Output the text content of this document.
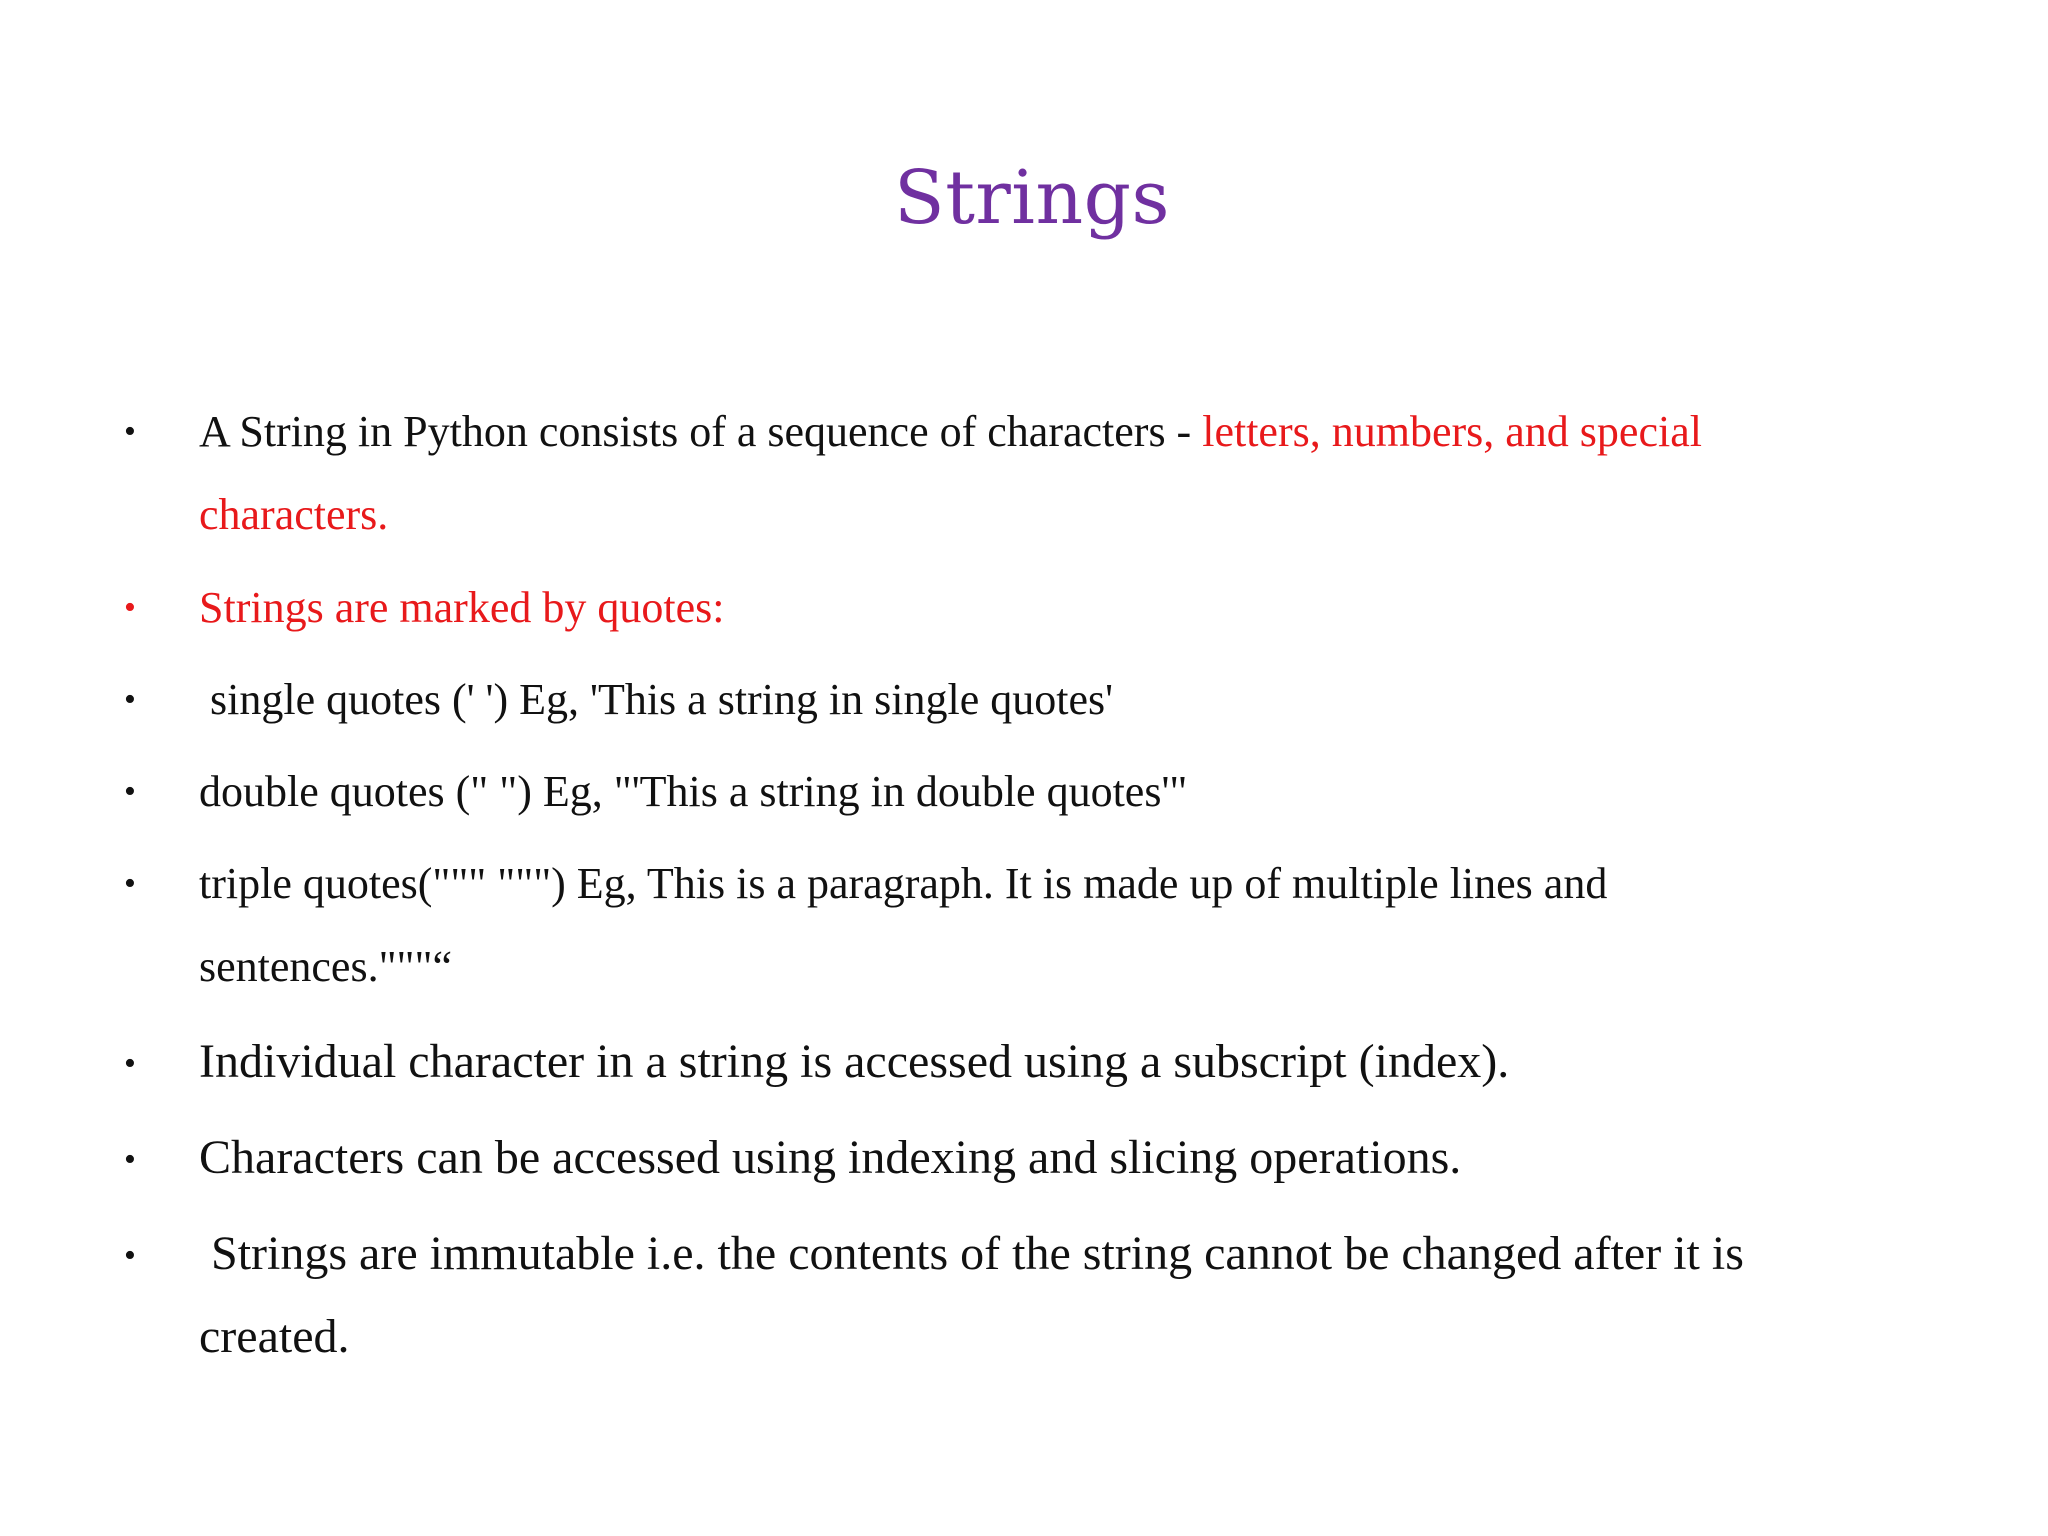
Strings
• A String in Python consists of a sequence of characters - letters, numbers, and special
characters.
• Strings are marked by quotes:
• single quotes (' ') Eg, 'This a string in single quotes'
• double quotes (" ") Eg, "'This a string in double quotes'"
• triple quotes(""" """) Eg, This is a paragraph. It is made up of multiple lines and
sentences."""“
• Individual character in a string is accessed using a subscript (index).
• Characters can be accessed using indexing and slicing operations.
• Strings are immutable i.e. the contents of the string cannot be changed after it is
created.
